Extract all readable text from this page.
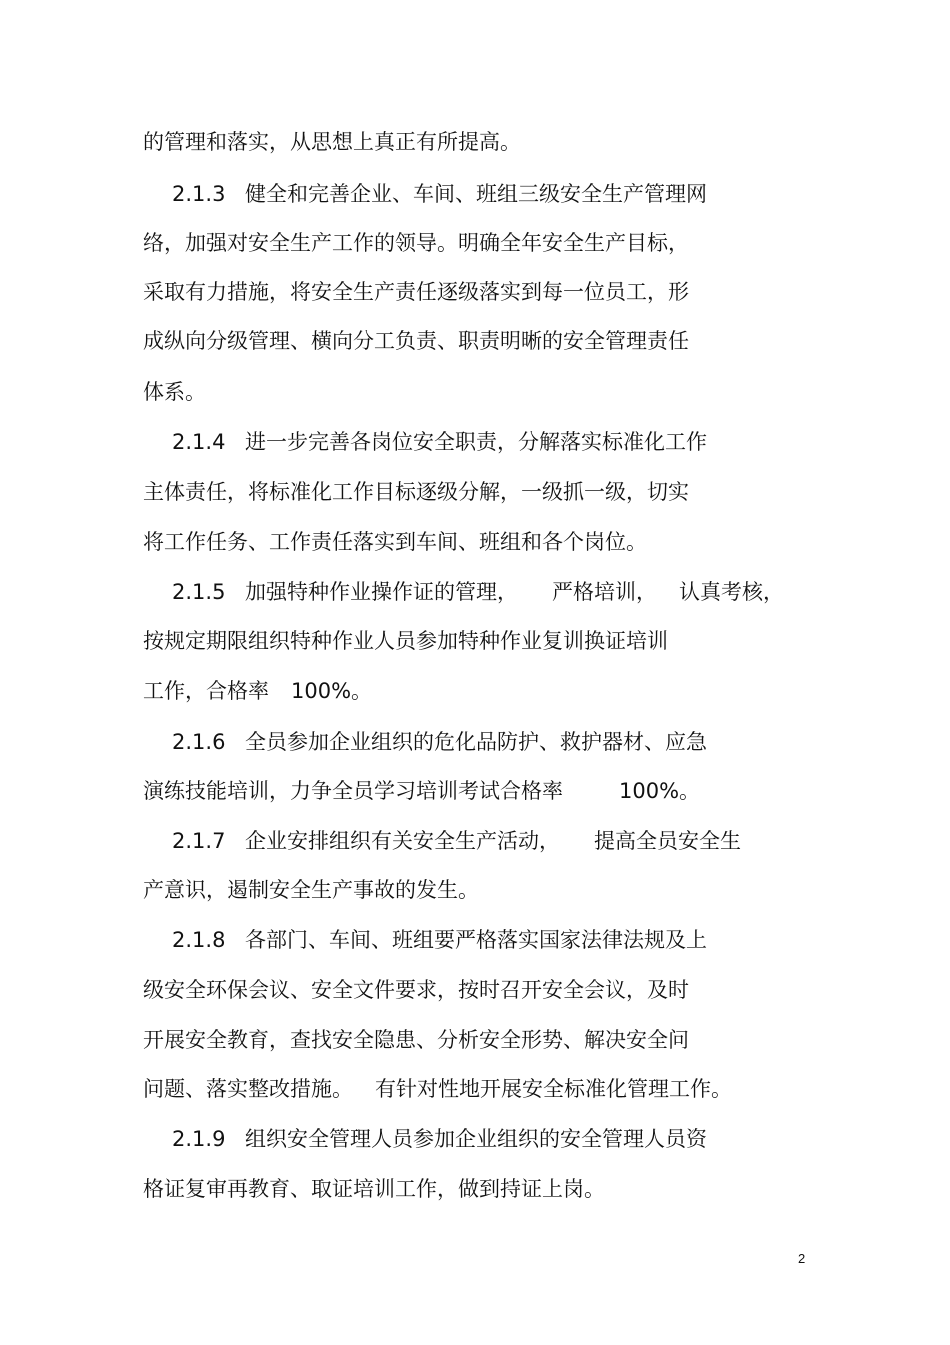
的管理和落实，从思想上真正有所提高。
2.1.3 健全和完善企业、车间、班组三级安全生产管理网
络，加强对安全生产工作的领导。明确全年安全生产目标，
采取有力措施，将安全生产责任逐级落实到每一位员工，形
成纵向分级管理、横向分工负责、职责明晰的安全管理责任
体系。
2.1.4 进一步完善各岗位安全职责，分解落实标准化工作
主体责任，将标准化工作目标逐级分解，一级抓一级，切实
将工作任务、工作责任落实到车间、班组和各个岗位。
2.1.5 加强特种作业操作证的管理， 严格培训， 认真考核，
按规定期限组织特种作业人员参加特种作业复训换证培训
工作，合格率 100%。
2.1.6 全员参加企业组织的危化品防护、救护器材、应急
演练技能培训，力争全员学习培训考试合格率	100%。
2.1.7 企业安排组织有关安全生产活动， 提高全员安全生
产意识，遏制安全生产事故的发生。
2.1.8 各部门、车间、班组要严格落实国家法律法规及上
级安全环保会议、安全文件要求，按时召开安全会议，及时
开展安全教育，查找安全隐患、分析安全形势、解决安全问
问题、落实整改措施。 有针对性地开展安全标准化管理工作。
2.1.9 组织安全管理人员参加企业组织的安全管理人员资
格证复审再教育、取证培训工作，做到持证上岗。
2
